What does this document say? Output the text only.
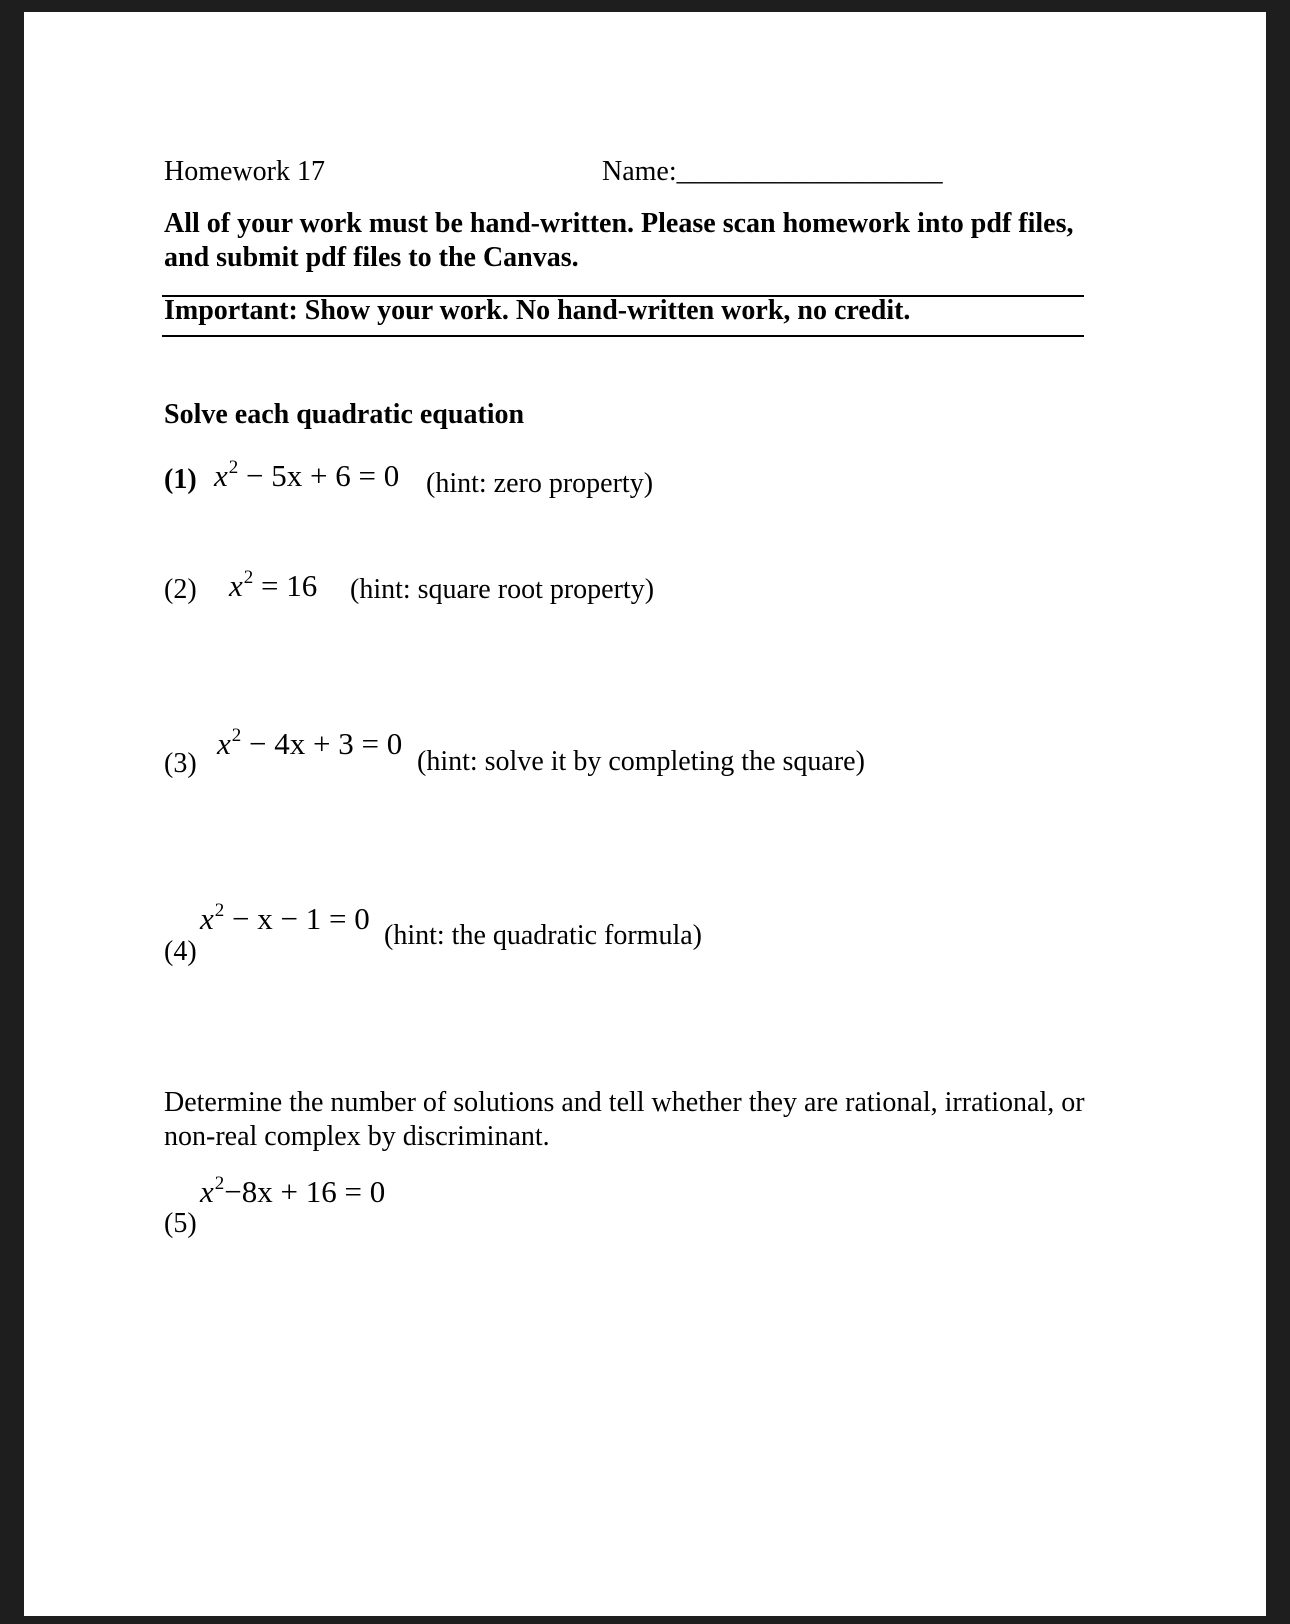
Homework 17	Name:___________________
All of your work must be hand-written. Please scan homework into pdf files,
and submit pdf files to the Canvas.
Important: Show your work. No hand-written work, no credit.
Solve each quadratic equation
(1) $x^2 - 5x + 6 = 0$ (hint: zero property)
(2) $x^2 = 16$ (hint: square root property)
(3)
$x^2 - 4x + 3 = 0$
(hint: solve it by completing the square)
(4)
$x^2 - x - 1 = 0$ (hint: the quadratic formula)
Determine the number of solutions and tell whether they are rational, irrational, or
non-real complex by discriminant.
(5)
$x^2-8x + 16 = 0$
